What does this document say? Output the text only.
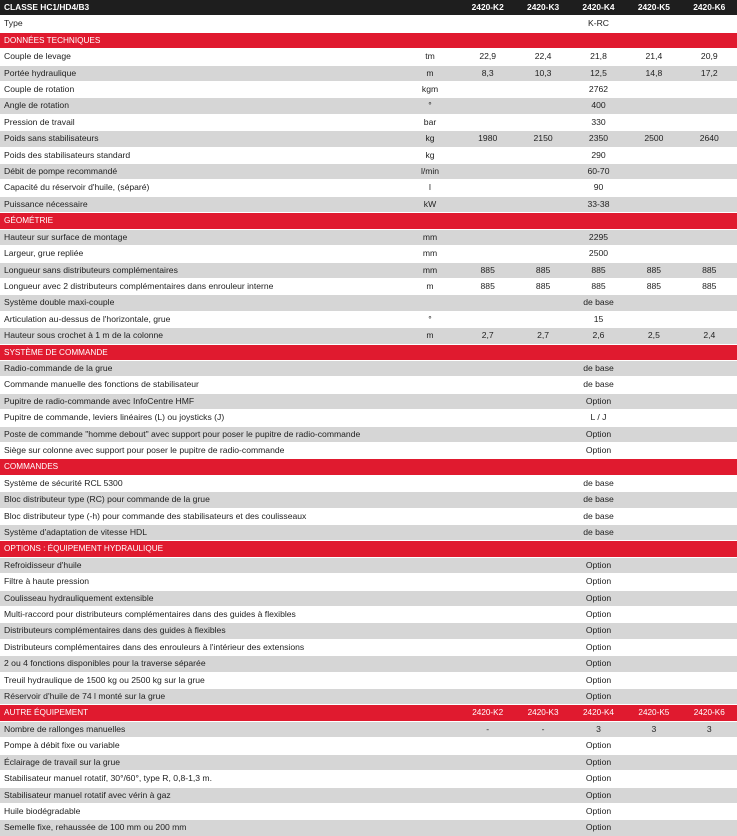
CLASSE HC1/HD4/B3		2420-K2	2420-K3	2420-K4	2420-K5	2420-K6
Type				K-RC		
DONNÉES TECHNIQUES						
Couple de levage	tm	22,9	22,4	21,8	21,4	20,9
Portée hydraulique	m	8,3	10,3	12,5	14,8	17,2
Couple de rotation	kgm			2762		
Angle de rotation	°			400		
Pression de travail	bar			330		
Poids sans stabilisateurs	kg	1980	2150	2350	2500	2640
Poids des stabilisateurs standard	kg			290		
Débit de pompe recommandé	l/min			60-70		
Capacité du réservoir d'huile, (séparé)	l			90		
Puissance nécessaire	kW			33-38		
GÉOMÉTRIE						
Hauteur sur surface de montage	mm			2295		
Largeur, grue repliée	mm			2500		
Longueur sans distributeurs complémentaires	mm	885	885	885	885	885
Longueur avec 2 distributeurs complémentaires dans enrouleur interne	m	885	885	885	885	885
Système double maxi-couple				de base		
Articulation au-dessus de l'horizontale, grue	°			15		
Hauteur sous crochet à 1 m de la colonne	m	2,7	2,7	2,6	2,5	2,4
SYSTÈME DE COMMANDE						
Radio-commande de la grue				de base		
Commande manuelle des fonctions de stabilisateur				de base		
Pupitre de radio-commande avec InfoCentre HMF				Option		
Pupitre de commande, leviers linéaires (L) ou joysticks (J)				L / J		
Poste de commande "homme debout" avec support pour poser le pupitre de radio-commande				Option		
Siège sur colonne avec support pour poser le pupitre de radio-commande				Option		
COMMANDES						
Système de sécurité RCL 5300				de base		
Bloc distributeur type (RC) pour commande de la grue				de base		
Bloc distributeur type (-h) pour commande des stabilisateurs et des coulisseaux				de base		
Système d'adaptation de vitesse HDL				de base		
OPTIONS : ÉQUIPEMENT HYDRAULIQUE						
Refroidisseur d'huile				Option		
Filtre à haute pression				Option		
Coulisseau hydrauliquement extensible				Option		
Multi-raccord pour distributeurs complémentaires dans des guides à flexibles				Option		
Distributeurs complémentaires dans des guides à flexibles				Option		
Distributeurs complémentaires dans des enrouleurs à l'intérieur des extensions				Option		
2 ou 4 fonctions disponibles pour la traverse séparée				Option		
Treuil hydraulique de 1500 kg ou 2500 kg sur la grue				Option		
Réservoir d'huile de 74 l monté sur la grue				Option		
AUTRE ÉQUIPEMENT		2420-K2	2420-K3	2420-K4	2420-K5	2420-K6
Nombre de rallonges manuelles		-	-	3	3	3
Pompe à débit fixe ou variable				Option		
Éclairage de travail sur la grue				Option		
Stabilisateur manuel rotatif, 30°/60°, type R, 0,8-1,3 m.				Option		
Stabilisateur manuel rotatif avec vérin à gaz				Option		
Huile biodégradable				Option		
Semelle fixe, rehaussée de 100 mm ou 200 mm				Option		
